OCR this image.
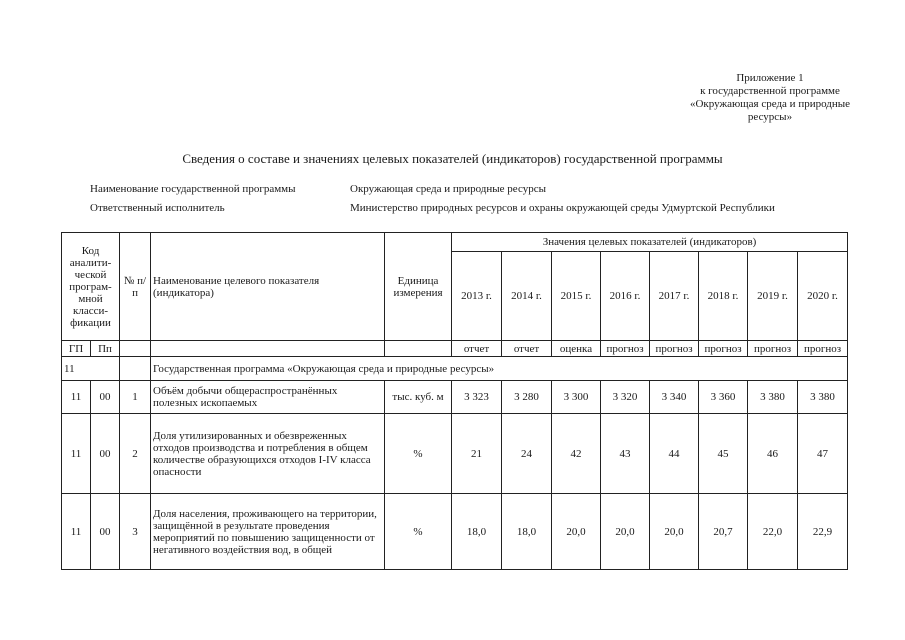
Приложение 1
к государственной программе
«Окружающая среда и природные
ресурсы»
Сведения о составе и значениях целевых показателей (индикаторов) государственной программы
Наименование государственной программы	Окружающая среда и природные ресурсы
Ответственный исполнитель	Министерство природных ресурсов и охраны окружающей среды Удмуртской Республики
Код аналити-ческой програм-мной класси-фикации		№ п/п	Наименование целевого показателя (индикатора)	Единица измерения	Значения целевых показателей (индикаторов)							
					2013 г.	2014 г.	2015 г.	2016 г.	2017 г.	2018 г.	2019 г.	2020 г.
ГП	Пп				отчет	отчет	оценка	прогноз	прогноз	прогноз	прогноз	прогноз
11			Государственная программа «Окружающая среда и природные ресурсы»									
11	00	1	Объём добычи общераспространённых полезных ископаемых	тыс. куб. м	3 323	3 280	3 300	3 320	3 340	3 360	3 380	3 380
11	00	2	Доля утилизированных и обезвреженных отходов производства и потребления в общем количестве образующихся отходов I-IV класса опасности	%	21	24	42	43	44	45	46	47
11	00	3	Доля населения, проживающего на территории, защищённой в результате проведения мероприятий по повышению защищенности от негативного воздействия вод, в общей	%	18,0	18,0	20,0	20,0	20,0	20,7	22,0	22,9
